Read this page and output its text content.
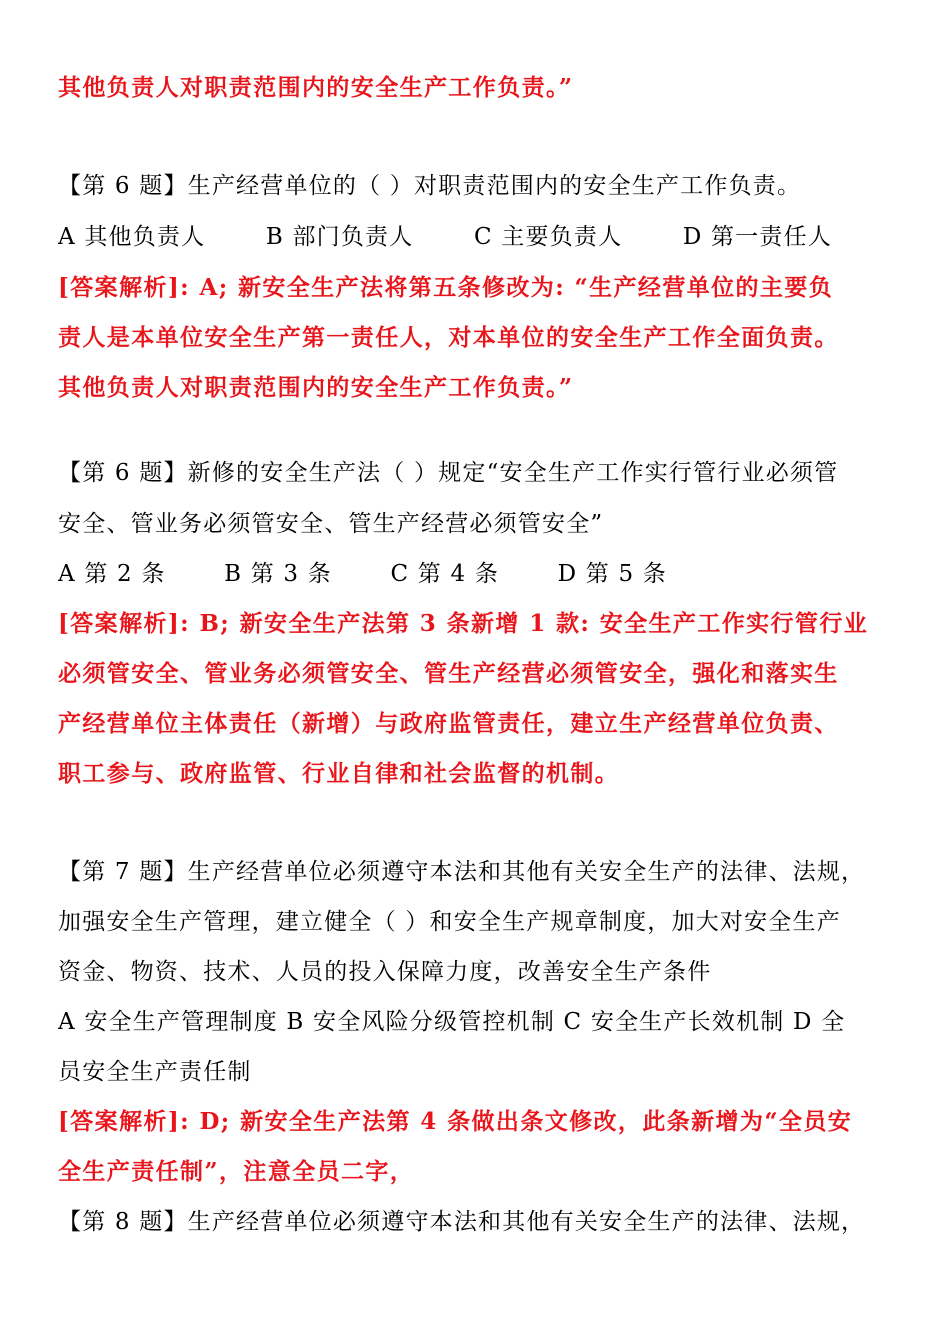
其他负责人对职责范围内的安全生产工作负责。”
【第 6 题】生产经营单位的（ ）对职责范围内的安全生产工作负责。
A 其他负责人	B 部门负责人	C 主要负责人	D 第一责任人
[答案解析]: A; 新安全生产法将第五条修改为: “生产经营单位的主要负
责人是本单位安全生产第一责任人，对本单位的安全生产工作全面负责。
其他负责人对职责范围内的安全生产工作负责。”
【第 6 题】新修的安全生产法（ ）规定“安全生产工作实行管行业必须管
安全、管业务必须管安全、管生产经营必须管安全”
A 第 2 条	B 第 3 条	C 第 4 条	D 第 5 条
[答案解析]: B; 新安全生产法第 3 条新增 1 款: 安全生产工作实行管行业
必须管安全、管业务必须管安全、管生产经营必须管安全，强化和落实生
产经营单位主体责任（新增）与政府监管责任，建立生产经营单位负责、
职工参与、政府监管、行业自律和社会监督的机制。
【第 7 题】生产经营单位必须遵守本法和其他有关安全生产的法律、法规，
加强安全生产管理，建立健全（ ）和安全生产规章制度，加大对安全生产
资金、物资、技术、人员的投入保障力度，改善安全生产条件
A 安全生产管理制度 B 安全风险分级管控机制 C 安全生产长效机制 D 全
员安全生产责任制
[答案解析]: D; 新安全生产法第 4 条做出条文修改，此条新增为“全员安
全生产责任制”，注意全员二字，
【第 8 题】生产经营单位必须遵守本法和其他有关安全生产的法律、法规，
